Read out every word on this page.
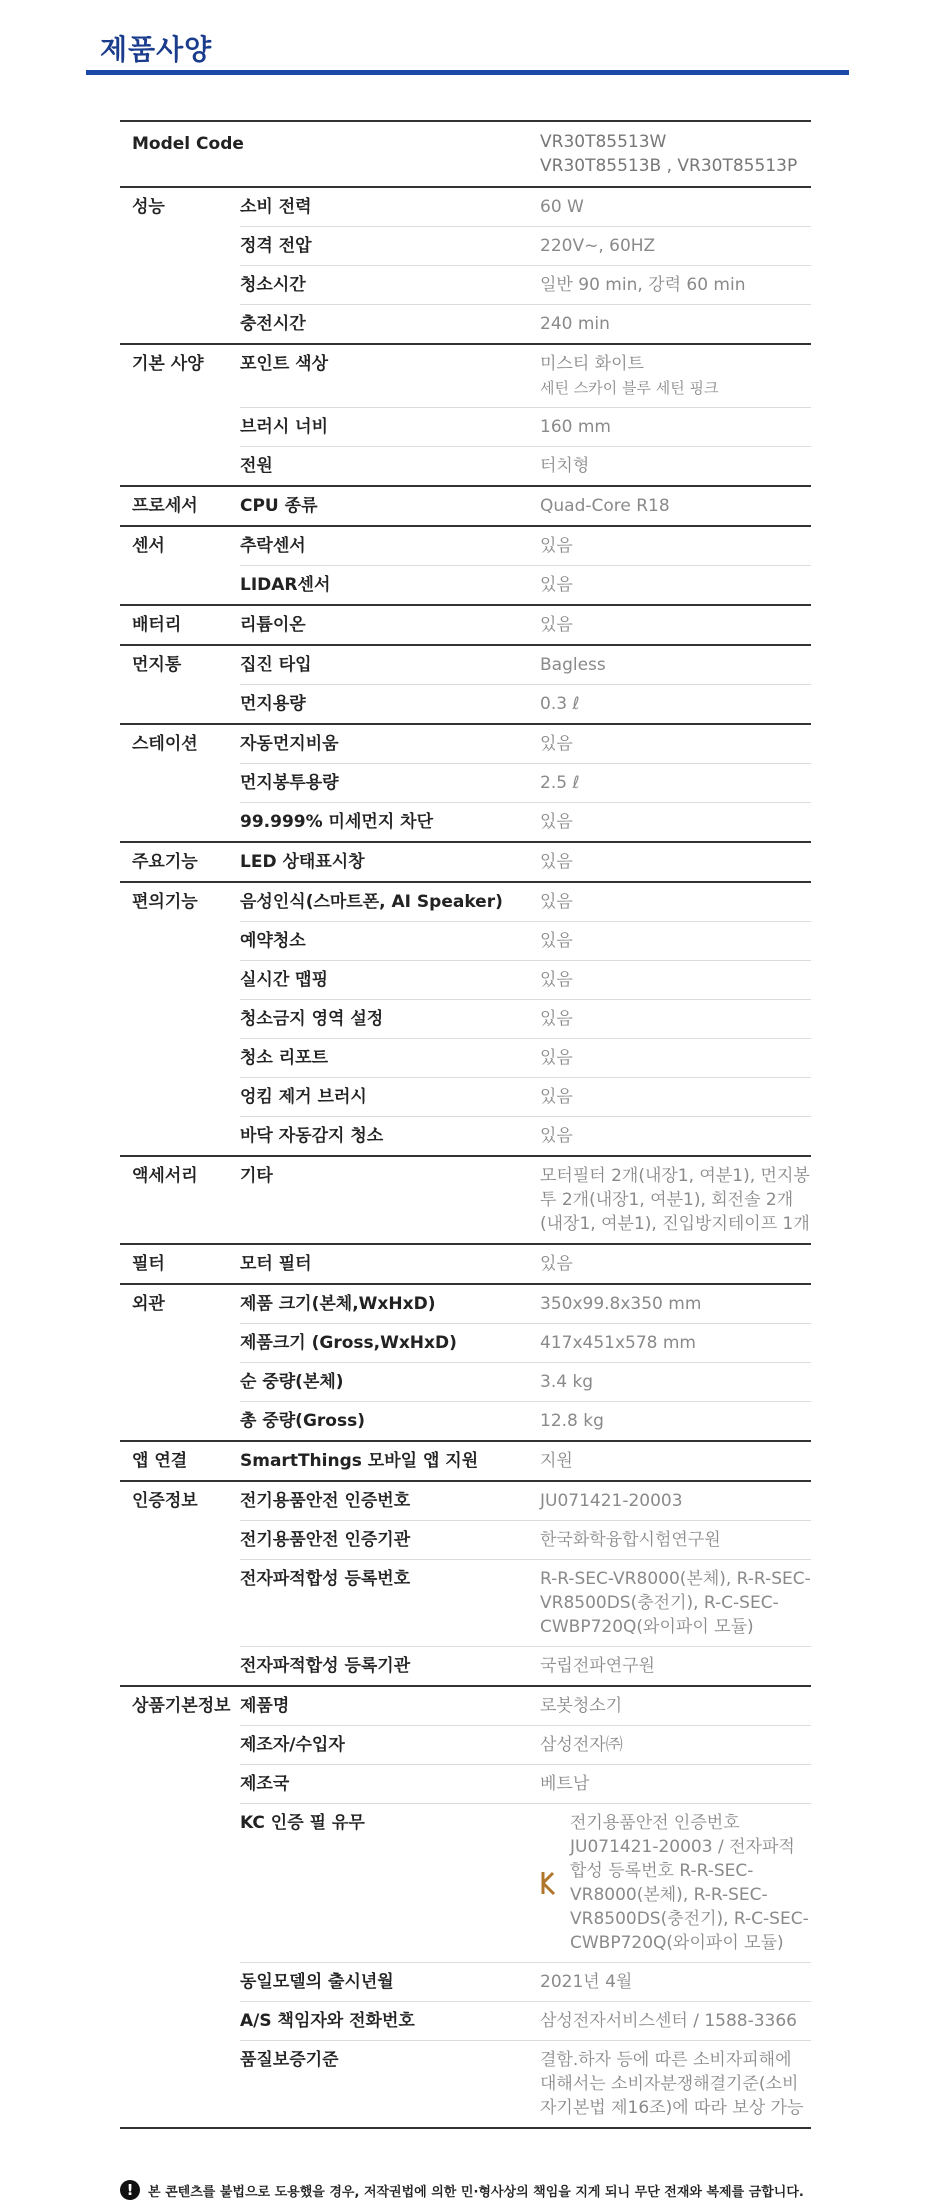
제품사양
Model Code		VR30T85513W
VR30T85513B , VR30T85513P
성능	소비 전력	60 W
	정격 전압	220V~, 60HZ
	청소시간	일반 90 min, 강력 60 min
	충전시간	240 min
기본 사양	포인트 색상	미스티 화이트
세틴 스카이 블루 세틴 핑크

	브러시 너비	160 mm
	전원	터치형
프로세서	CPU 종류	Quad-Core R18
센서	추락센서	있음
	LIDAR센서	있음
배터리	리튬이온	있음
먼지통	집진 타입	Bagless
	먼지용량	0.3 ℓ
스테이션	자동먼지비움	있음
	먼지봉투용량	2.5 ℓ
	99.999% 미세먼지 차단	있음
주요기능	LED 상태표시창	있음
편의기능	음성인식(스마트폰, AI Speaker)	있음
	예약청소	있음
	실시간 맵핑	있음
	청소금지 영역 설정	있음
	청소 리포트	있음
	엉킴 제거 브러시	있음
	바닥 자동감지 청소	있음
액세서리	기타	모터필터 2개(내장1, 여분1), 먼지봉투 2개(내장1, 여분1), 회전솔 2개(내장1, 여분1), 진입방지테이프 1개
필터	모터 필터	있음
외관	제품 크기(본체,WxHxD)	350x99.8x350 mm
	제품크기 (Gross,WxHxD)	417x451x578 mm
	순 중량(본체)	3.4 kg
	총 중량(Gross)	12.8 kg
앱 연결	SmartThings 모바일 앱 지원	지원
인증정보	전기용품안전 인증번호	JU071421-20003
	전기용품안전 인증기관	한국화학융합시험연구원
	전자파적합성 등록번호	R-R-SEC-VR8000(본체), R-R-SEC-VR8500DS(충전기), R-C-SEC-CWBP720Q(와이파이 모듈)
	전자파적합성 등록기관	국립전파연구원
상품기본정보	제품명	로봇청소기
	제조자/수입자	삼성전자㈜
	제조국	베트남
	KC 인증 필 유무	전기용품안전 인증번호 JU071421-20003 / 전자파적합성 등록번호 R-R-SEC-VR8000(본체), R-R-SEC-VR8500DS(충전기), R-C-SEC-CWBP720Q(와이파이 모듈)

	동일모델의 출시년월	2021년 4월
	A/S 책임자와 전화번호	삼성전자서비스센터 / 1588-3366
	품질보증기준	결함.하자 등에 따른 소비자피해에 대해서는 소비자분쟁해결기준(소비자기본법 제16조)에 따라 보상 가능
!	본 콘텐츠를 불법으로 도용했을 경우, 저작권법에 의한 민·형사상의 책임을 지게 되니 무단 전재와 복제를 금합니다.
